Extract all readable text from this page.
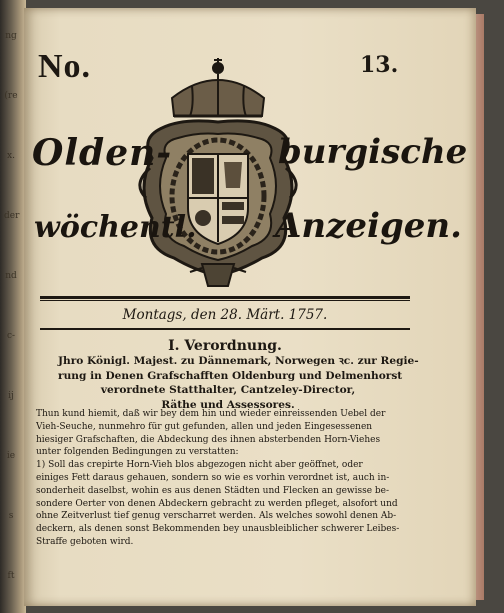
ng
(re
x.
der
nd
c-
ij
ie
s
ft
No.	13.
Olden-	burgische
wöchentl. Anzeigen.
Montags, den 28. Märt. 1757.
I. Verordnung.
Jhro Königl. Majest. zu Dännemark, Norwegen ꝛc. zur Regie-
rung in Denen Grafschafften Oldenburg und Delmenhorst
verordnete Statthalter, Cantzeley-Director,
Räthe und Assessores.
Thun kund hiemit, daß wir bey dem hin und wieder einreissenden Uebel der
Vieh-Seuche, nunmehro für gut gefunden, allen und jeden Eingesessenen
hiesiger Grafschaften, die Abdeckung des ihnen absterbenden Horn-Viehes
unter folgenden Bedingungen zu verstatten:
1) Soll das crepirte Horn-Vieh blos abgezogen nicht aber geöffnet, oder
einiges Fett daraus gehauen, sondern so wie es vorhin verordnet ist, auch in-
sonderheit daselbst, wohin es aus denen Städten und Flecken an gewisse be-
sondere Oerter von denen Abdeckern gebracht zu werden pfleget, alsofort und
ohne Zeitverlust tief genug verscharret werden. Als welches sowohl denen Ab-
deckern, als denen sonst Bekommenden bey unausbleiblicher schwerer Leibes-
Straffe geboten wird.
